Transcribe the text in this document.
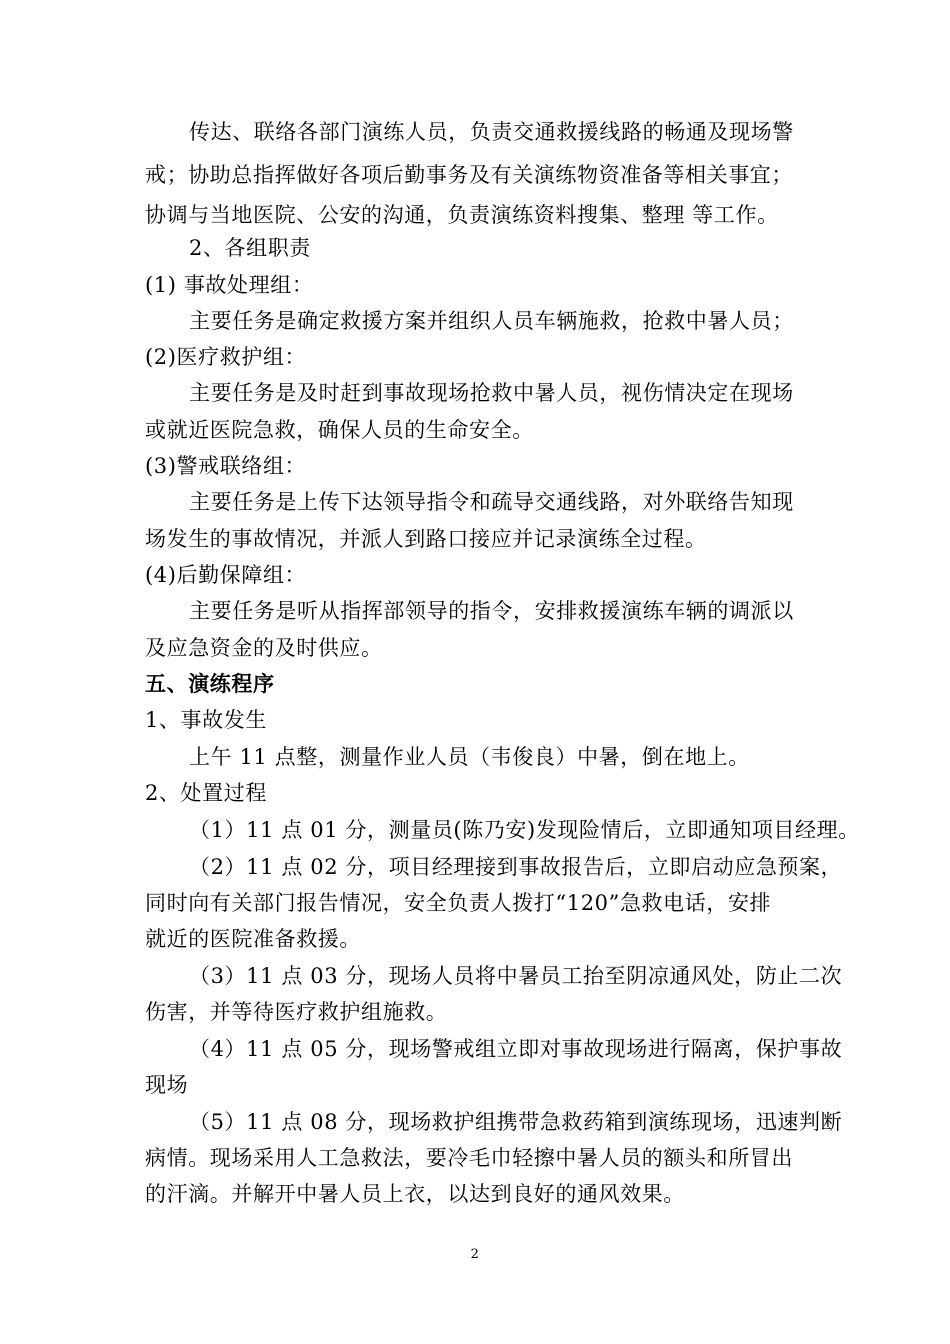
传达、联络各部门演练人员，负责交通救援线路的畅通及现场警
戒；协助总指挥做好各项后勤事务及有关演练物资准备等相关事宜；
协调与当地医院、公安的沟通，负责演练资料搜集、整理 等工作。
2、各组职责
(1) 事故处理组：
主要任务是确定救援方案并组织人员车辆施救，抢救中暑人员；
(2)医疗救护组：
主要任务是及时赶到事故现场抢救中暑人员，视伤情决定在现场
或就近医院急救，确保人员的生命安全。
(3)警戒联络组：
主要任务是上传下达领导指令和疏导交通线路，对外联络告知现
场发生的事故情况，并派人到路口接应并记录演练全过程。
(4)后勤保障组：
主要任务是听从指挥部领导的指令，安排救援演练车辆的调派以
及应急资金的及时供应。
五、演练程序
1、事故发生
上午 11 点整，测量作业人员（韦俊良）中暑，倒在地上。
2、处置过程
（1）11 点 01 分，测量员(陈乃安)发现险情后，立即通知项目经理。
（2）11 点 02 分，项目经理接到事故报告后，立即启动应急预案，
同时向有关部门报告情况，安全负责人拨打“120”急救电话，安排
就近的医院准备救援。
（3）11 点 03 分，现场人员将中暑员工抬至阴凉通风处，防止二次
伤害，并等待医疗救护组施救。
（4）11 点 05 分，现场警戒组立即对事故现场进行隔离，保护事故
现场
（5）11 点 08 分，现场救护组携带急救药箱到演练现场，迅速判断
病情。现场采用人工急救法，要冷毛巾轻擦中暑人员的额头和所冒出
的汗滴。并解开中暑人员上衣，以达到良好的通风效果。
2
